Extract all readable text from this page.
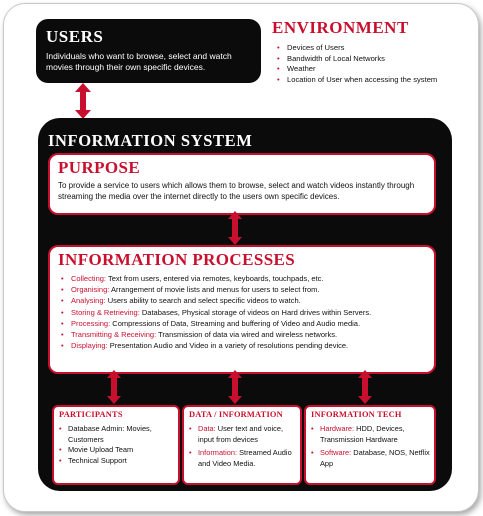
USERS

Individuals who want to browse, select and watch movies through their own specific devices.

ENVIRONMENT
• Devices of Users
• Bandwidth of Local Networks
• Weather
• Location of User when accessing the system
INFORMATION SYSTEM
PURPOSE

To provide a service to users which allows them to browse, select and watch videos instantly through streaming the media over the internet directly to the users own specific devices.

INFORMATION PROCESSES
• Collecting: Text from users, entered via remotes, keyboards, touchpads, etc.
• Organising: Arrangement of movie lists and menus for users to select from.
• Analysing: Users ability to search and select specific videos to watch.
• Storing & Retrieving: Databases, Physical storage of videos on Hard drives within Servers.
• Processing: Compressions of Data, Streaming and buffering of Video and Audio media.
• Transmitting & Receiving: Transmission of data via wired and wireless networks.
• Displaying: Presentation Audio and Video in a variety of resolutions pending device.
PARTICIPANTS
• Database Admin: Movies, Customers
• Movie Upload Team
• Technical Support
DATA / INFORMATION
• Data: User text and voice, input from devices
• Information: Streamed Audio and Video Media.
INFORMATION TECH
• Hardware: HDD, Devices, Transmission Hardware
• Software: Database, NOS, Netflix App
